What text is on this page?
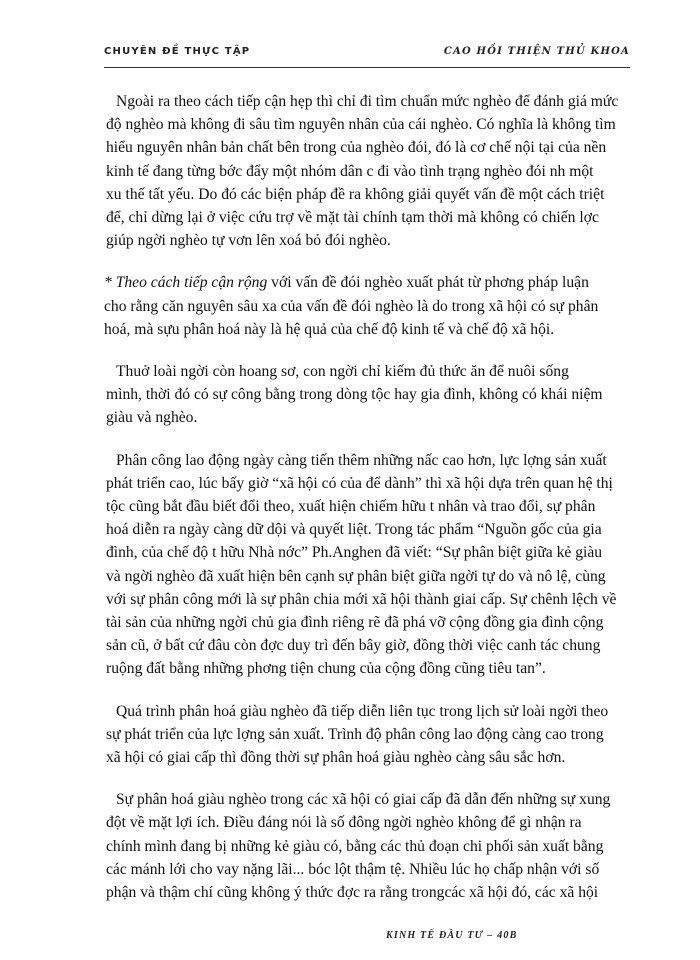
CHUYÊN ĐỀ THỰC TẬP	CAO HỒI THIỆN THỦ KHOA

Ngoài ra theo cách tiếp cận hẹp thì chỉ đi tìm chuẩn mức nghèo để đánh giá mức
độ nghèo mà không đi sâu tìm nguyên nhân của cái nghèo. Có nghĩa là không tìm
hiểu nguyên nhân bản chất bên trong của nghèo đói, đó là cơ chế nội tại của nền
kinh tế đang từng bớc đẩy một nhóm dân c đi vào tình trạng nghèo đói nh một
xu thế tất yếu. Do đó các biện pháp đề ra không giải quyết vấn đề một cách triệt
để, chỉ dừng lại ở việc cứu trợ về mặt tài chính tạm thời mà không có chiến lợc
giúp ngời nghèo tự vơn lên xoá bỏ đói nghèo.

* Theo cách tiếp cận rộng với vấn đề đói nghèo xuất phát từ phơng pháp luận
cho rằng căn nguyên sâu xa của vấn đề đói nghèo là do trong xã hội có sự phân
hoá, mà sựu phân hoá này là hệ quả của chế độ kinh tế và chế độ xã hội.

Thuở loài ngời còn hoang sơ, con ngời chỉ kiếm đủ thức ăn để nuôi sống
mình, thời đó có sự công bằng trong dòng tộc hay gia đình, không có khái niệm
giàu và nghèo.

Phân công lao động ngày càng tiến thêm những nấc cao hơn, lực lợng sản xuất
phát triển cao, lúc bấy giờ “xã hội có của để dành” thì xã hội dựa trên quan hệ thị
tộc cũng bắt đầu biết đổi theo, xuất hiện chiếm hữu t nhân và trao đổi, sự phân
hoá diễn ra ngày càng dữ dội và quyết liệt. Trong tác phẩm “Nguồn gốc của gia
đình, của chế độ t hữu Nhà nớc” Ph.Anghen đã viết: “Sự phân biệt giữa kẻ giàu
và ngời nghèo đã xuất hiện bên cạnh sự phân biệt giữa ngời tự do và nô lệ, cùng
với sự phân công mới là sự phân chia mới xã hội thành giai cấp. Sự chênh lệch về
tài sản của những ngời chủ gia đình riêng rẽ đã phá vỡ cộng đồng gia đình cộng
sản cũ, ở bất cứ đâu còn đợc duy trì đến bây giờ, đồng thời việc canh tác chung
ruộng đất bằng những phơng tiện chung của cộng đồng cũng tiêu tan”.

Quá trình phân hoá giàu nghèo đã tiếp diễn liên tục trong lịch sử loài ngời theo
sự phát triển của lực lợng sản xuất. Trình độ phân công lao động càng cao trong
xã hội có giai cấp thì đồng thời sự phân hoá giàu nghèo càng sâu sắc hơn.

Sự phân hoá giàu nghèo trong các xã hội có giai cấp đã dẫn đến những sự xung
đột về mặt lợi ích. Điều đáng nói là số đông ngời nghèo không để gì nhận ra
chính mình đang bị những kẻ giàu có, bằng các thủ đoạn chi phối sản xuất bằng
các mánh lới cho vay nặng lãi... bóc lột thậm tệ. Nhiều lúc họ chấp nhận với số
phận và thậm chí cũng không ý thức đợc ra rằng trongcác xã hội đó, các xã hội

KINH TẾ ĐẦU TƯ – 40B
